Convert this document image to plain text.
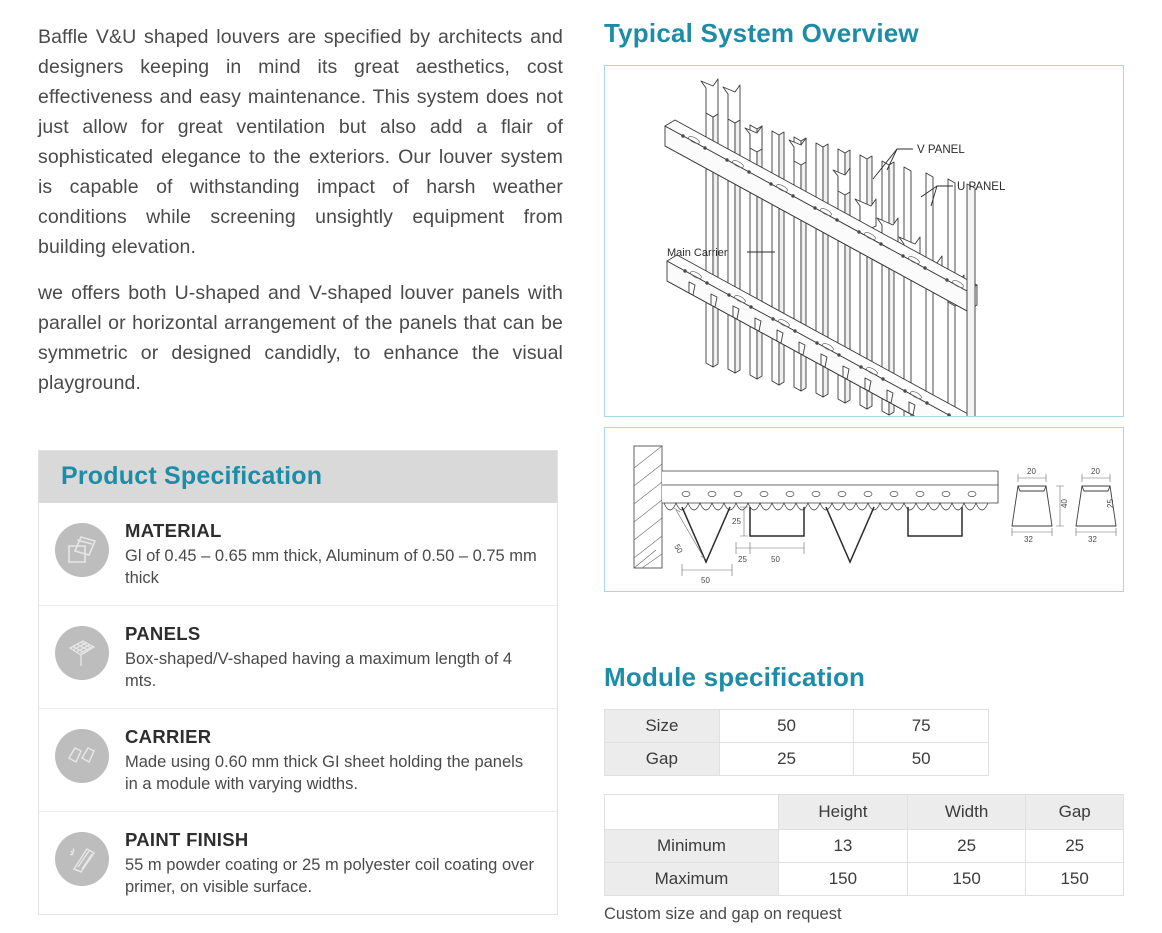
Baffle V&U shaped louvers are specified by architects and designers keeping in mind its great aesthetics, cost effectiveness and easy maintenance. This system does not just allow for great ventilation but also add a flair of sophisticated elegance to the exteriors. Our louver system is capable of withstanding impact of harsh weather conditions while screening unsightly equipment from building elevation.

we offers both U-shaped and V-shaped louver panels with parallel or horizontal arrangement of the panels that can be symmetric or designed candidly, to enhance the visual playground.

Product Specification
MATERIAL
Gl of 0.45 – 0.65 mm thick, Aluminum of 0.50 – 0.75 mm thick
PANELS
Box-shaped/V-shaped having a maximum length of 4 mts.
CARRIER
Made using 0.60 mm thick GI sheet holding the panels in a module with varying widths.
PAINT FINISH
55 m powder coating or 25 m polyester coil coating over primer, on visible surface.
Typical System Overview
V PANEL
U PANEL
Main Carrier
50
50
25
25	50
20
32
40
20
32
25
Module specification
Size	50	75
Gap	25	50
	Height	Width	Gap
Minimum	13	25	25
Maximum	150	150	150
Custom size and gap on request
